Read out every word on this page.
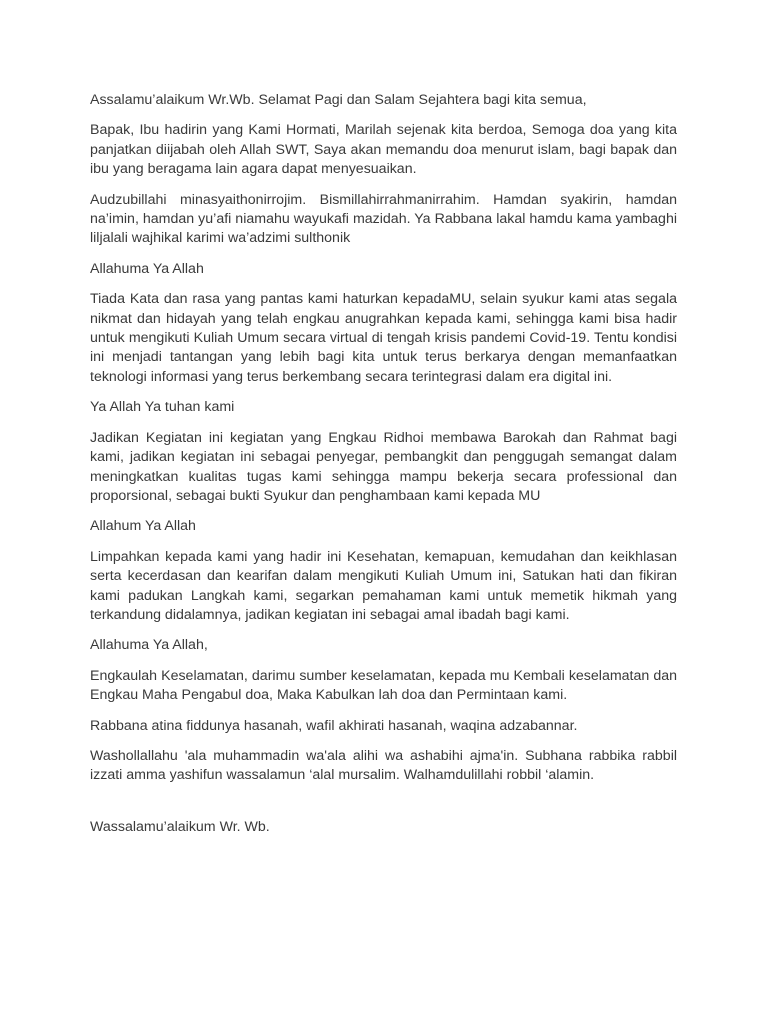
Assalamu’alaikum Wr.Wb. Selamat Pagi dan Salam Sejahtera bagi kita semua,

Bapak, Ibu hadirin yang Kami Hormati, Marilah sejenak kita berdoa, Semoga doa yang kita panjatkan diijabah oleh Allah SWT, Saya akan memandu doa menurut islam, bagi bapak dan ibu yang beragama lain agara dapat menyesuaikan.

Audzubillahi minasyaithonirrojim. Bismillahirrahmanirrahim. Hamdan syakirin, hamdan na’imin, hamdan yu’afi niamahu wayukafi mazidah. Ya Rabbana lakal hamdu kama yambaghi liljalali wajhikal karimi wa’adzimi sulthonik

Allahuma Ya Allah

Tiada Kata dan rasa yang pantas kami haturkan kepadaMU, selain syukur kami atas segala nikmat dan hidayah yang telah engkau anugrahkan kepada kami, sehingga kami bisa hadir untuk mengikuti Kuliah Umum secara virtual di tengah krisis pandemi Covid-19. Tentu kondisi ini menjadi tantangan yang lebih bagi kita untuk terus berkarya dengan memanfaatkan teknologi informasi yang terus berkembang secara terintegrasi dalam era digital ini.

Ya Allah Ya tuhan kami

Jadikan Kegiatan ini kegiatan yang Engkau Ridhoi membawa Barokah dan Rahmat bagi kami, jadikan kegiatan ini sebagai penyegar, pembangkit dan penggugah semangat dalam meningkatkan kualitas tugas kami sehingga mampu bekerja secara professional dan proporsional, sebagai bukti Syukur dan penghambaan kami kepada MU

Allahum Ya Allah

Limpahkan kepada kami yang hadir ini Kesehatan, kemapuan, kemudahan dan keikhlasan serta kecerdasan dan kearifan dalam mengikuti Kuliah Umum ini, Satukan hati dan fikiran kami padukan Langkah kami, segarkan pemahaman kami untuk memetik hikmah yang terkandung didalamnya, jadikan kegiatan ini sebagai amal ibadah bagi kami.

Allahuma Ya Allah,

Engkaulah Keselamatan, darimu sumber keselamatan, kepada mu Kembali keselamatan dan Engkau Maha Pengabul doa, Maka Kabulkan lah doa dan Permintaan kami.

Rabbana atina fiddunya hasanah, wafil akhirati hasanah, waqina adzabannar.

Washollallahu 'ala muhammadin wa'ala alihi wa ashabihi ajma'in. Subhana rabbika rabbil izzati amma yashifun wassalamun ‘alal mursalim. Walhamdulillahi robbil ‘alamin.

Wassalamu’alaikum Wr. Wb.
